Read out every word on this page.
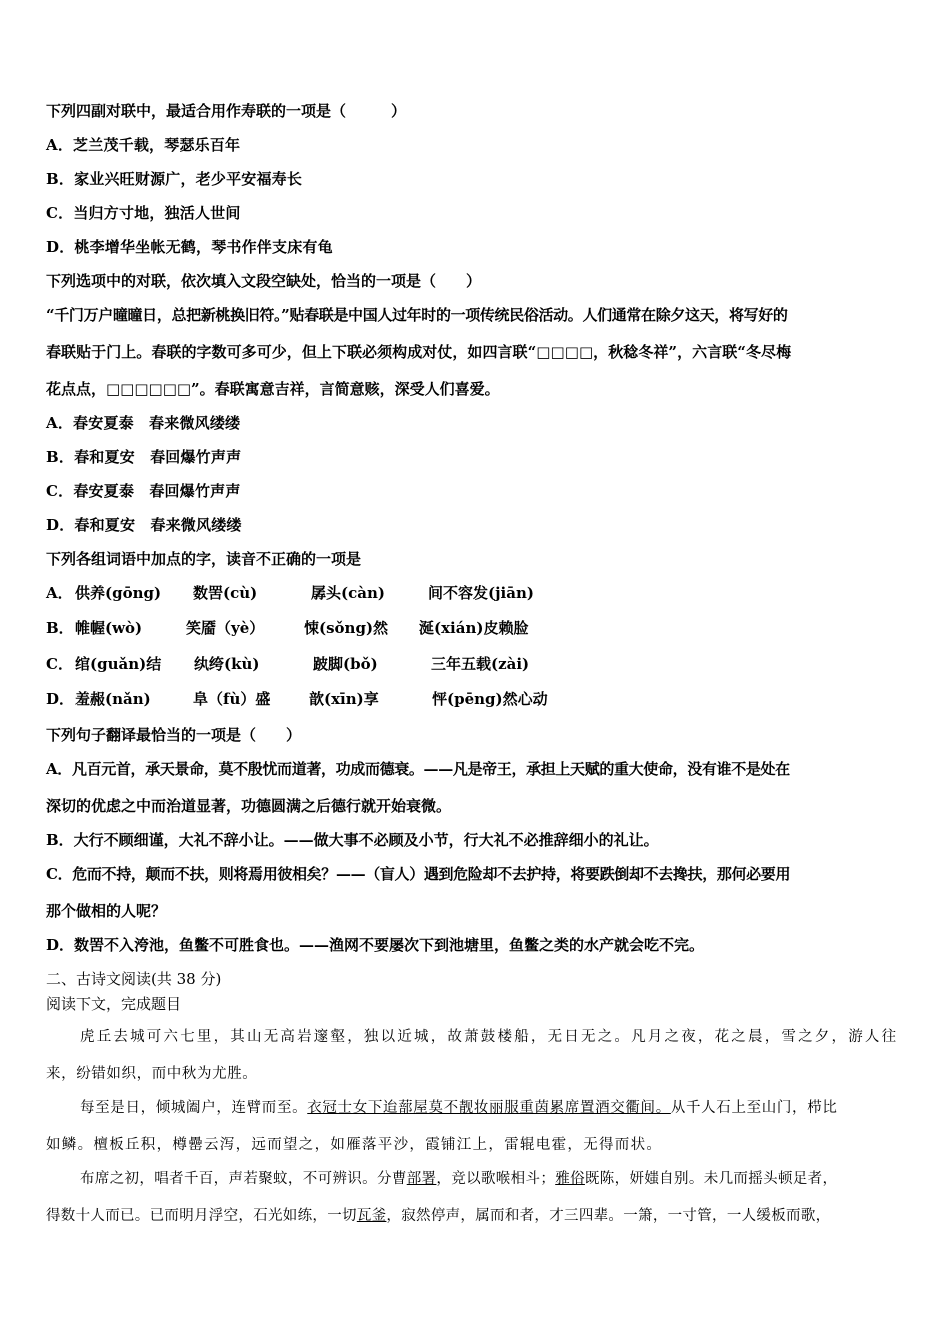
下列四副对联中，最适合用作寿联的一项是（　　　）
A．芝兰茂千载，琴瑟乐百年
B．家业兴旺财源广，老少平安福寿长
C．当归方寸地，独活人世间
D．桃李增华坐帐无鹤，琴书作伴支床有龟
下列选项中的对联，依次填入文段空缺处，恰当的一项是（　　）
“千门万户曈曈日，总把新桃换旧符。”贴春联是中国人过年时的一项传统民俗活动。人们通常在除夕这天，将写好的
春联贴于门上。春联的字数可多可少，但上下联必须构成对仗，如四言联“□□□□，秋稔冬祥”，六言联“冬尽梅
花点点，□□□□□□”。春联寓意吉祥，言简意赅，深受人们喜爱。
A．春安夏泰　春来微风缕缕
B．春和夏安　春回爆竹声声
C．春安夏泰　春回爆竹声声
D．春和夏安　春来微风缕缕
下列各组词语中加点的字，读音不正确的一项是
A． 供养(gōng) 数罟(cù)	孱头(càn)	间不容发(jiān)
B． 帷幄(wò)	笑靥（yè）	悚(sǒng)然 涎(xián)皮赖脸
C． 绾(guǎn)结 纨绔(kù)	跛脚(bǒ)	三年五载(zài)
D． 羞赧(nǎn)	阜（fù）盛	歆(xīn)享	怦(pēng)然心动
下列句子翻译最恰当的一项是（　　）
A．凡百元首，承天景命，莫不殷忧而道著，功成而德衰。——凡是帝王，承担上天赋的重大使命，没有谁不是处在
深切的优虑之中而治道显著，功德圆满之后德行就开始衰微。
B．大行不顾细谨，大礼不辞小让。——做大事不必顾及小节，行大礼不必推辞细小的礼让。
C．危而不持，颠而不扶，则将焉用彼相矣？——（盲人）遇到危险却不去护持，将要跌倒却不去搀扶，那何必要用
那个做相的人呢？
D．数罟不入洿池，鱼鳖不可胜食也。——渔网不要屡次下到池塘里，鱼鳖之类的水产就会吃不完。
二、古诗文阅读(共 38 分)
阅读下文，完成题目
虎丘去城可六七里，其山无高岩邃壑，独以近城，故萧鼓楼船，无日无之。凡月之夜，花之晨，雪之夕，游人往
来，纷错如织，而中秋为尤胜。
每至是日，倾城阖户，连臂而至。衣冠士女下迨蔀屋莫不靓妆丽服重茵累席置酒交衢间。从千人石上至山门，栉比
如鳞。檀板丘积，樽罍云泻，远而望之，如雁落平沙，霞铺江上，雷辊电霍，无得而状。
布席之初，唱者千百，声若聚蚊，不可辨识。分曹部署，竞以歌喉相斗；雅俗既陈，妍媸自别。未几而摇头顿足者，
得数十人而已。已而明月浮空，石光如练，一切瓦釜，寂然停声，属而和者，才三四辈。一箫，一寸管，一人缓板而歌，
